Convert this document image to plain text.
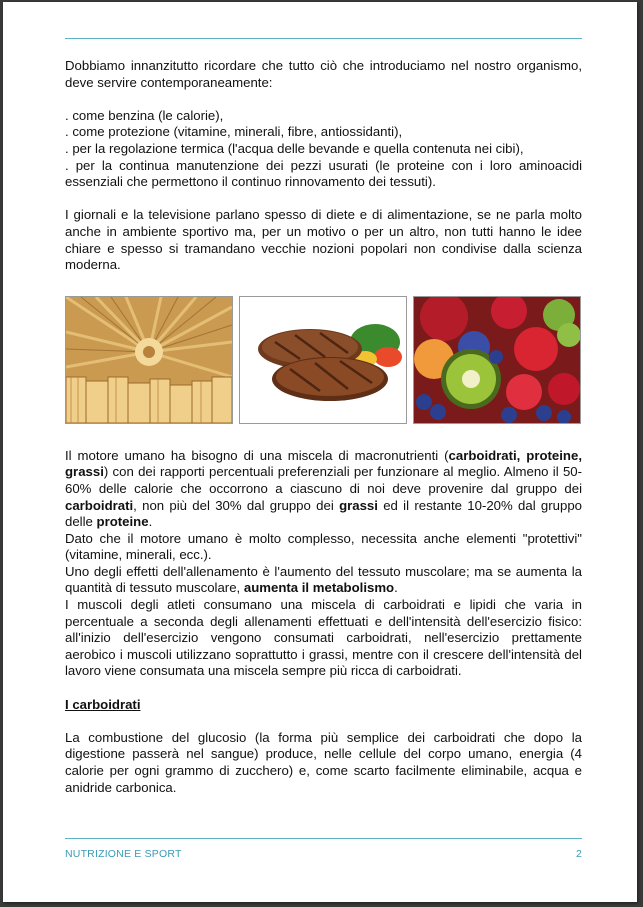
Dobbiamo innanzitutto ricordare che tutto ciò che introduciamo nel nostro organismo, deve servire contemporaneamente:

. come benzina (le calorie),

. come protezione (vitamine, minerali, fibre, antiossidanti),

. per la regolazione termica (l'acqua delle bevande e quella contenuta nei cibi),

. per la continua manutenzione dei pezzi usurati (le proteine con i loro aminoacidi essenziali che permettono il continuo rinnovamento dei tessuti).

I giornali e la televisione parlano spesso di diete e di alimentazione, se ne parla molto anche in ambiente sportivo ma, per un motivo o per un altro, non tutti hanno le idee chiare e spesso si tramandano vecchie nozioni popolari non condivise dalla scienza moderna.

Il motore umano ha bisogno di una miscela di macronutrienti (carboidrati, proteine, grassi) con dei rapporti percentuali preferenziali per funzionare al meglio. Almeno il 50-60% delle calorie che occorrono a ciascuno di noi deve provenire dal gruppo dei carboidrati, non più del 30% dal gruppo dei grassi ed il restante 10-20% dal gruppo delle proteine.

Dato che il motore umano è molto complesso, necessita anche elementi "protettivi" (vitamine, minerali, ecc.).

Uno degli effetti dell'allenamento è l'aumento del tessuto muscolare; ma se aumenta la quantità di tessuto muscolare, aumenta il metabolismo.

I muscoli degli atleti consumano una miscela di carboidrati e lipidi che varia in percentuale a seconda degli allenamenti effettuati e dell'intensità dell'esercizio fisico: all'inizio dell'esercizio vengono consumati carboidrati, nell'esercizio prettamente aerobico i muscoli utilizzano soprattutto i grassi, mentre con il crescere dell'intensità del lavoro viene consumata una miscela sempre più ricca di carboidrati.

I carboidrati

La combustione del glucosio (la forma più semplice dei carboidrati che dopo la digestione passerà nel sangue) produce, nelle cellule del corpo umano, energia (4 calorie per ogni grammo di zucchero) e, come scarto facilmente eliminabile, acqua e anidride carbonica.

NUTRIZIONE E SPORT	2
